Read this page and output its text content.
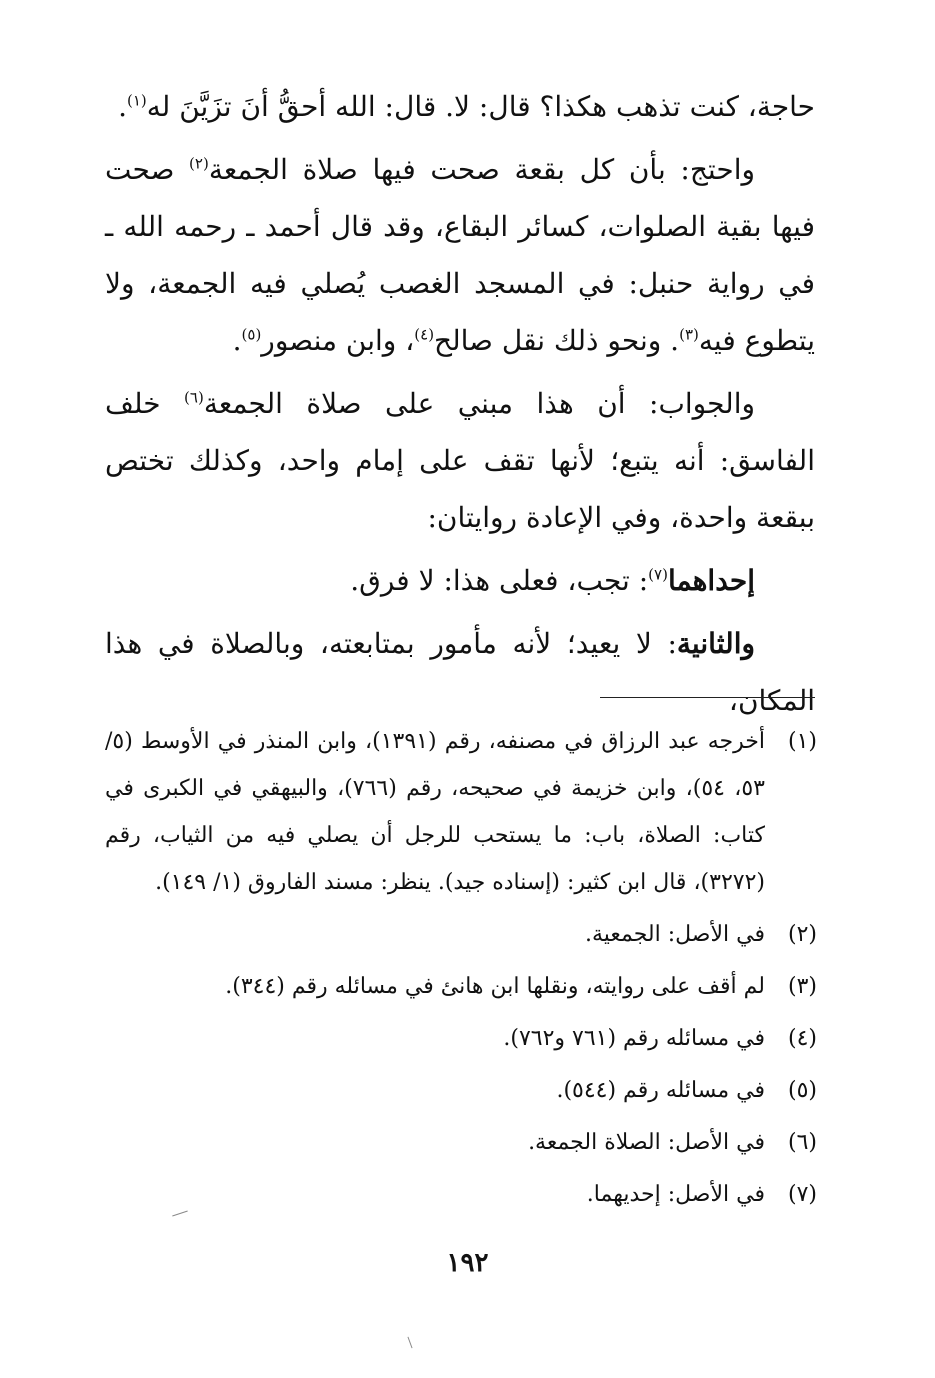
حاجة، كنت تذهب هكذا؟ قال: لا. قال: الله أحقُّ أنَ تزَيَّنَ له$^{(١)}$.

واحتج: بأن كل بقعة صحت فيها صلاة الجمعة$^{(٢)}$ صحت فيها بقية الصلوات، كسائر البقاع، وقد قال أحمد ـ رحمه الله ـ في رواية حنبل: في المسجد الغصب يُصلي فيه الجمعة، ولا يتطوع فيه$^{(٣)}$. ونحو ذلك نقل صالح$^{(٤)}$، وابن منصور$^{(٥)}$.

والجواب: أن هذا مبني على صلاة الجمعة$^{(٦)}$ خلف الفاسق: أنه يتبع؛ لأنها تقف على إمام واحد، وكذلك تختص ببقعة واحدة، وفي الإعادة روايتان:

إحداهما$^{(٧)}$: تجب، فعلى هذا: لا فرق.

والثانية: لا يعيد؛ لأنه مأمور بمتابعته، وبالصلاة في هذا المكان،

(١)
أخرجه عبد الرزاق في مصنفه، رقم (١٣٩١)، وابن المنذر في الأوسط (٥/ ٥٣، ٥٤)، وابن خزيمة في صحيحه، رقم (٧٦٦)، والبيهقي في الكبرى في كتاب: الصلاة، باب: ما يستحب للرجل أن يصلي فيه من الثياب، رقم (٣٢٧٢)، قال ابن كثير: (إسناده جيد). ينظر: مسند الفاروق (١/ ١٤٩).
(٢)
في الأصل: الجمعية.
(٣)
لم أقف على روايته، ونقلها ابن هانئ في مسائله رقم (٣٤٤).
(٤)
في مسائله رقم (٧٦١ و٧٦٢).
(٥)
في مسائله رقم (٥٤٤).
(٦)
في الأصل: الصلاة الجمعة.
(٧)
في الأصل: إحديهما.
١٩٢
